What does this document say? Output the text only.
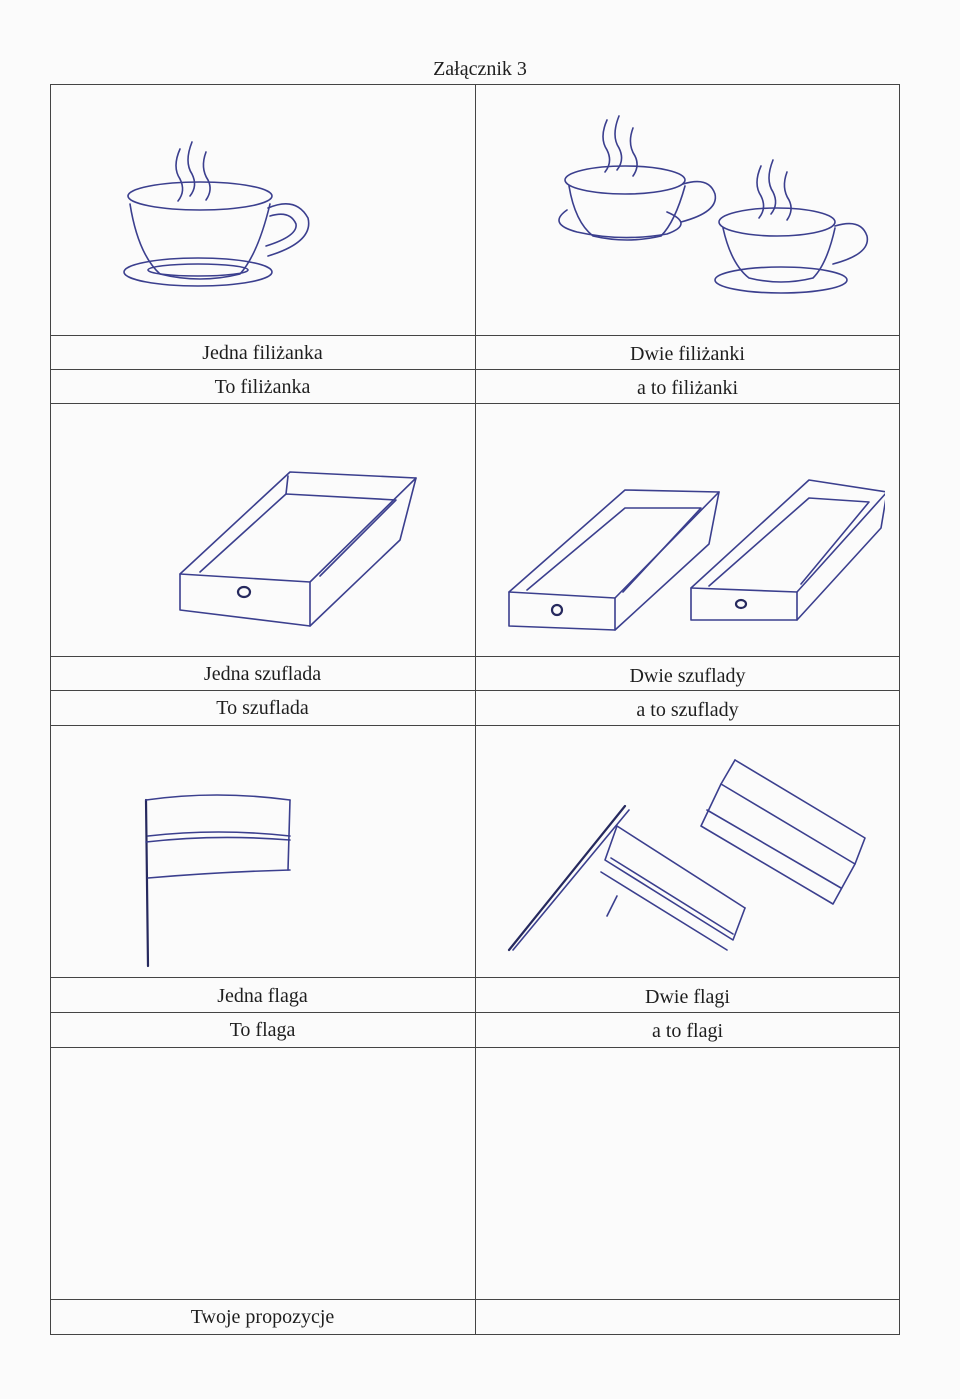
Załącznik 3
Jedna filiżanka
To filiżanka
Dwie filiżanki
a to filiżanki
Jedna szuflada
To szuflada
Dwie szuflady
a to szuflady
Jedna flaga
To flaga
Dwie flagi
a to flagi
Twoje propozycje
